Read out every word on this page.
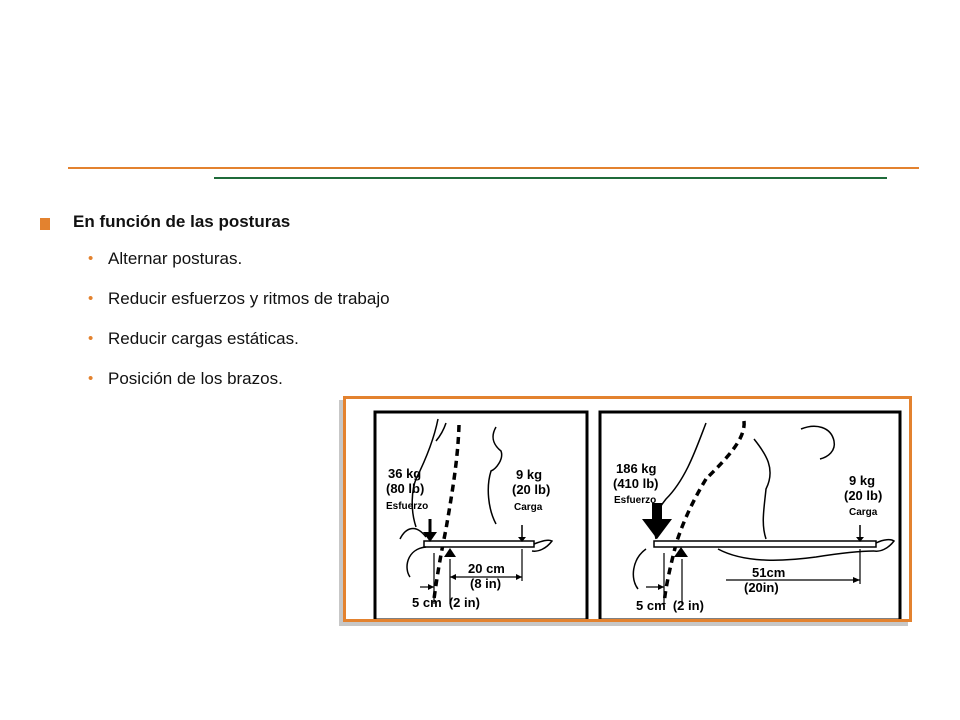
En función de las posturas
• Alternar posturas.
• Reducir esfuerzos y ritmos de trabajo
• Reducir cargas estáticas.
• Posición de los brazos.
36 kg
(80 lb)
Esfuerzo
9 kg
(20 lb)
Carga
20 cm
(8 in)
5 cm  (2 in)
186 kg
(410 lb)
Esfuerzo
9 kg
(20 lb)
Carga
51cm
(20in)
5 cm  (2 in)
